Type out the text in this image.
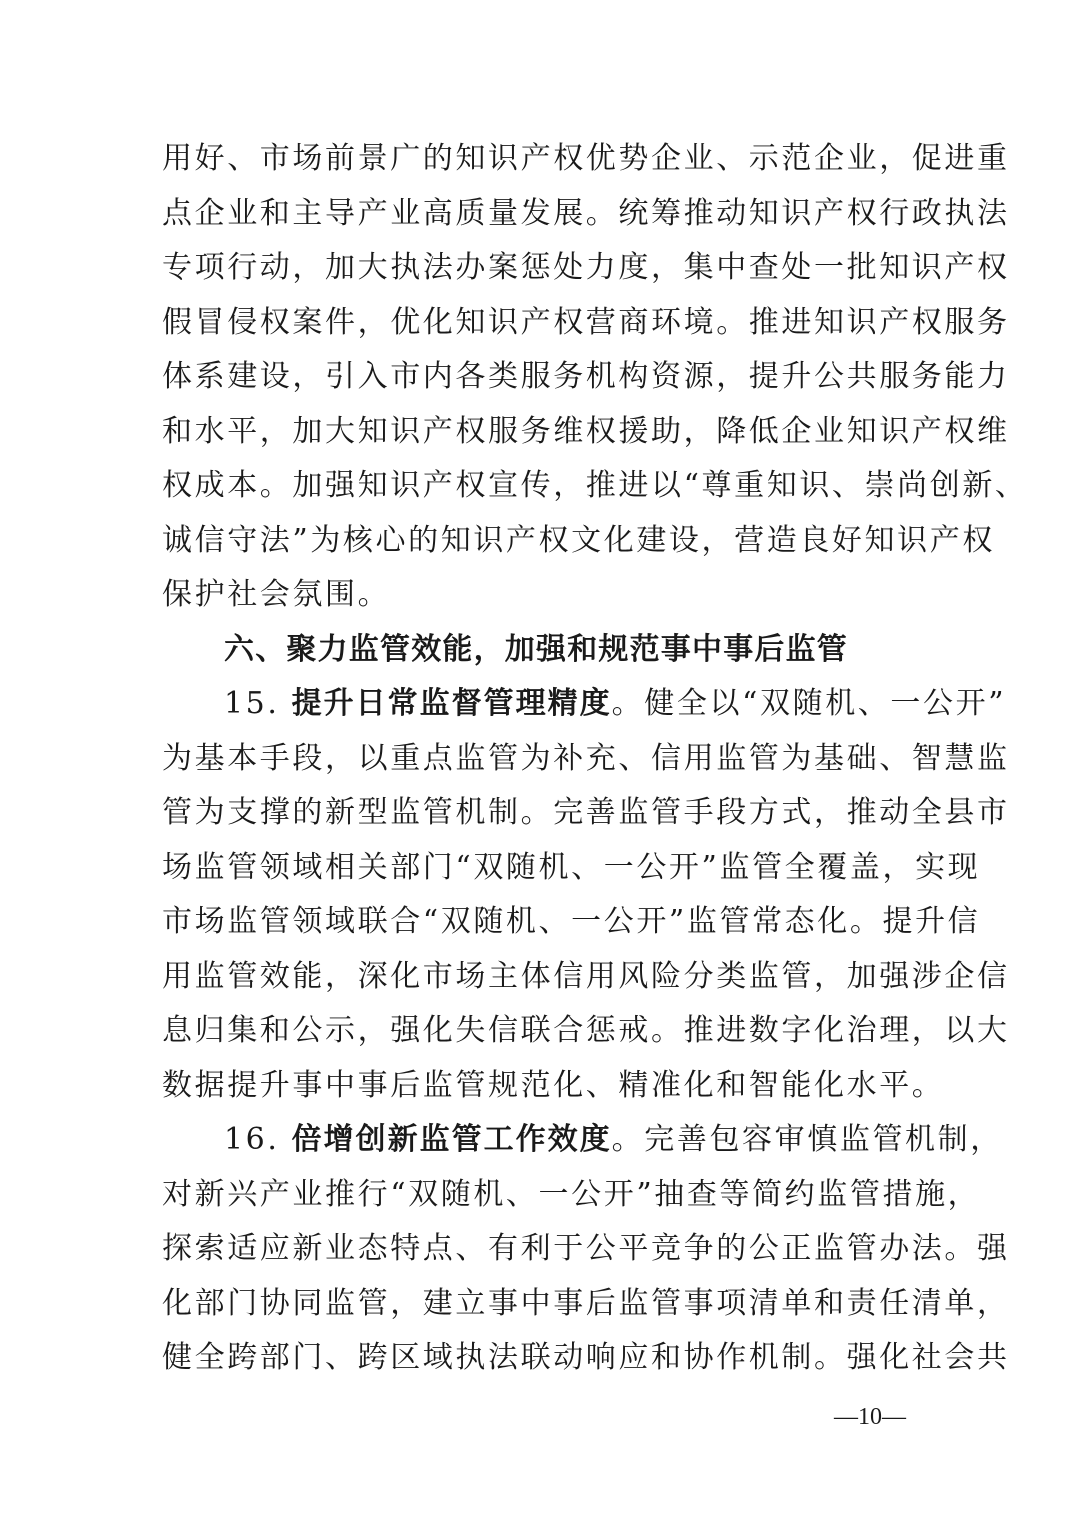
用好、市场前景广的知识产权优势企业、示范企业，促进重
点企业和主导产业高质量发展。统筹推动知识产权行政执法
专项行动，加大执法办案惩处力度，集中查处一批知识产权
假冒侵权案件，优化知识产权营商环境。推进知识产权服务
体系建设，引入市内各类服务机构资源，提升公共服务能力
和水平，加大知识产权服务维权援助，降低企业知识产权维
权成本。加强知识产权宣传，推进以“尊重知识、崇尚创新、
诚信守法”为核心的知识产权文化建设，营造良好知识产权
保护社会氛围。
六、聚力监管效能，加强和规范事中事后监管
15. 提升日常监督管理精度。健全以“双随机、一公开”
为基本手段，以重点监管为补充、信用监管为基础、智慧监
管为支撑的新型监管机制。完善监管手段方式，推动全县市
场监管领域相关部门“双随机、一公开”监管全覆盖，实现
市场监管领域联合“双随机、一公开”监管常态化。提升信
用监管效能，深化市场主体信用风险分类监管，加强涉企信
息归集和公示，强化失信联合惩戒。推进数字化治理，以大
数据提升事中事后监管规范化、精准化和智能化水平。
16. 倍增创新监管工作效度。完善包容审慎监管机制，
对新兴产业推行“双随机、一公开”抽查等简约监管措施，
探索适应新业态特点、有利于公平竞争的公正监管办法。强
化部门协同监管，建立事中事后监管事项清单和责任清单，
健全跨部门、跨区域执法联动响应和协作机制。强化社会共
—10—
